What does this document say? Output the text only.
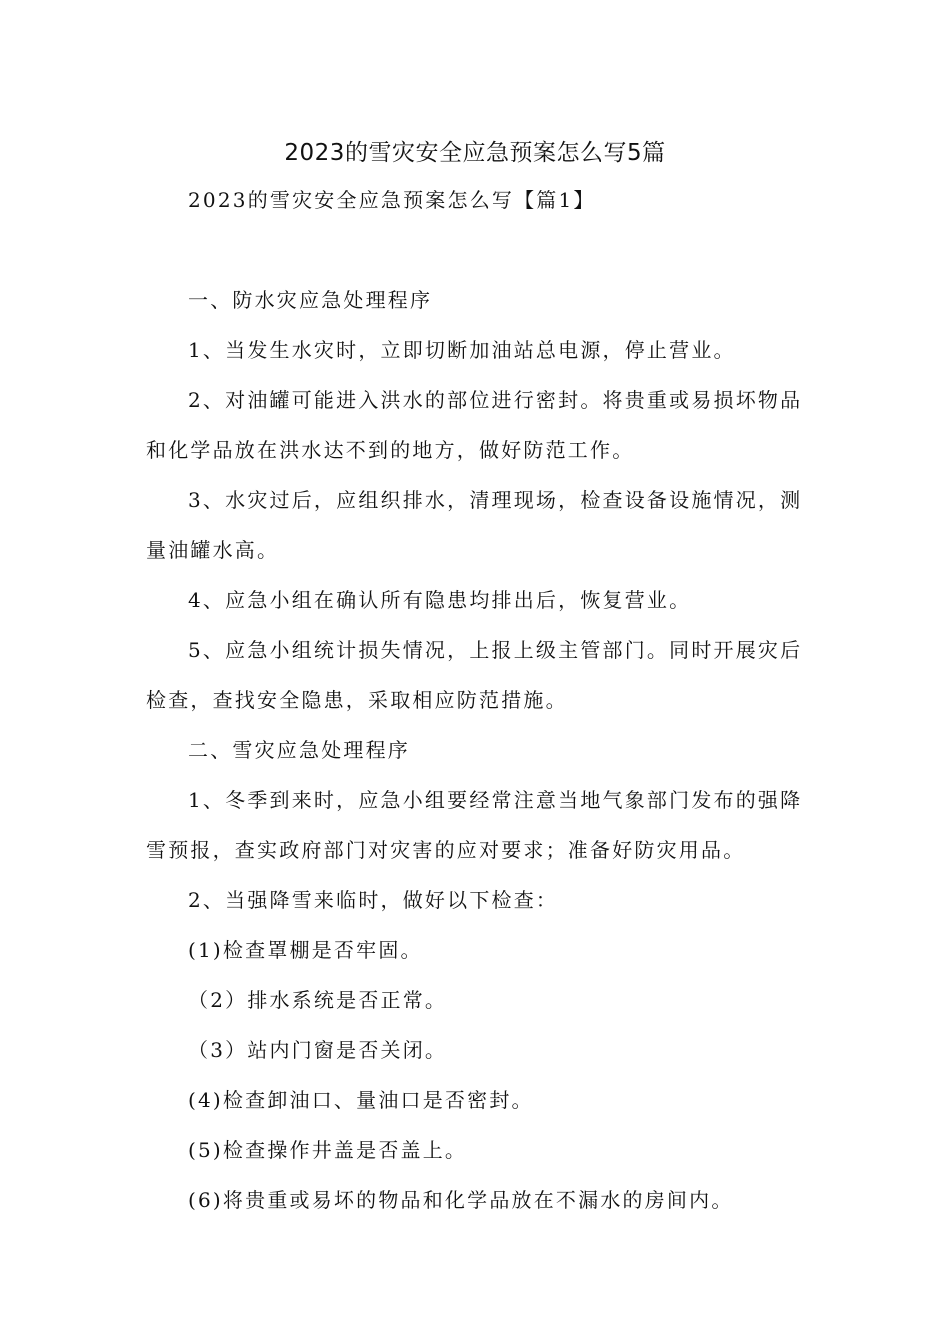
2023的雪灾安全应急预案怎么写5篇

2023的雪灾安全应急预案怎么写【篇1】

一、防水灾应急处理程序

1、当发生水灾时，立即切断加油站总电源，停止营业。

2、对油罐可能进入洪水的部位进行密封。将贵重或易损坏物品

和化学品放在洪水达不到的地方，做好防范工作。

3、水灾过后，应组织排水，清理现场，检查设备设施情况，测

量油罐水高。

4、应急小组在确认所有隐患均排出后，恢复营业。

5、应急小组统计损失情况，上报上级主管部门。同时开展灾后

检查，查找安全隐患，采取相应防范措施。

二、雪灾应急处理程序

1、冬季到来时，应急小组要经常注意当地气象部门发布的强降

雪预报，查实政府部门对灾害的应对要求；准备好防灾用品。

2、当强降雪来临时，做好以下检查：

(1)检查罩棚是否牢固。

（2）排水系统是否正常。

（3）站内门窗是否关闭。

(4)检查卸油口、量油口是否密封。

(5)检查操作井盖是否盖上。

(6)将贵重或易坏的物品和化学品放在不漏水的房间内。
